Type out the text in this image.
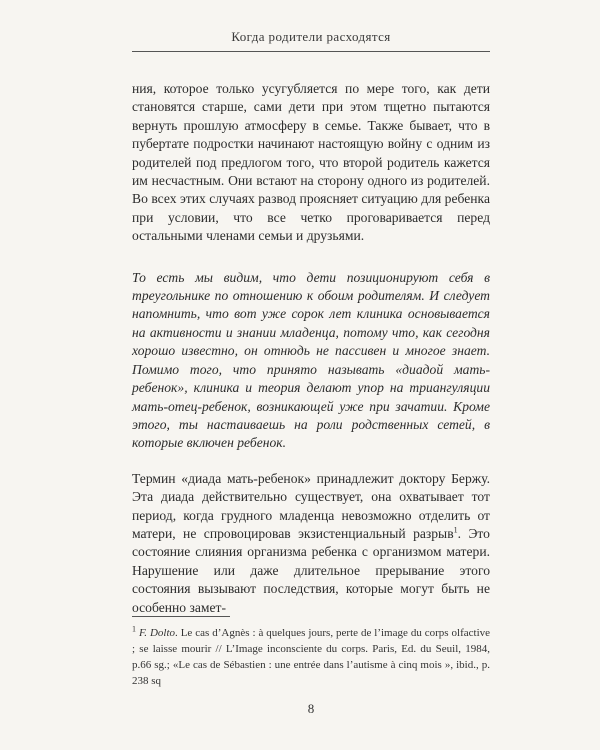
Когда родители расходятся

ния, которое только усугубляется по мере того, как дети становятся старше, сами дети при этом тщетно пытаются вернуть прошлую атмосферу в семье. Также бывает, что в пубертате подростки начинают настоящую войну с одним из родителей под предлогом того, что второй родитель кажется им несчастным. Они встают на сторону одного из родителей. Во всех этих случаях развод проясняет ситуацию для ребенка при условии, что все четко проговаривается перед остальными членами семьи и друзьями.

То есть мы видим, что дети позиционируют себя в треугольнике по отношению к обоим родителям. И следует напомнить, что вот уже сорок лет клиника основывается на активности и знании младенца, потому что, как сегодня хорошо известно, он отнюдь не пассивен и многое знает. Помимо того, что принято называть «диадой мать-ребенок», клиника и теория делают упор на триангуляции мать-отец-ребенок, возникающей уже при зачатии. Кроме этого, ты настаиваешь на роли родственных сетей, в которые включен ребенок.

Термин «диада мать-ребенок» принадлежит доктору Бержу. Эта диада действительно существует, она охватывает тот период, когда грудного младенца невозможно отделить от матери, не спровоцировав экзистенциальный разрыв$^1$. Это состояние слияния организма ребенка с организмом матери. Нарушение или даже длительное прерывание этого состояния вызывают последствия, которые могут быть не особенно замет-

$^1$ F. Dolto. Le cas d’Agnès : à quelques jours, perte de l’image du corps olfactive ; se laisse mourir // L’Image inconsciente du corps. Paris, Ed. du Seuil, 1984, p.66 sg.; «Le cas de Sébastien : une entrée dans l’autisme à cinq mois », ibid., p. 238 sq

8
